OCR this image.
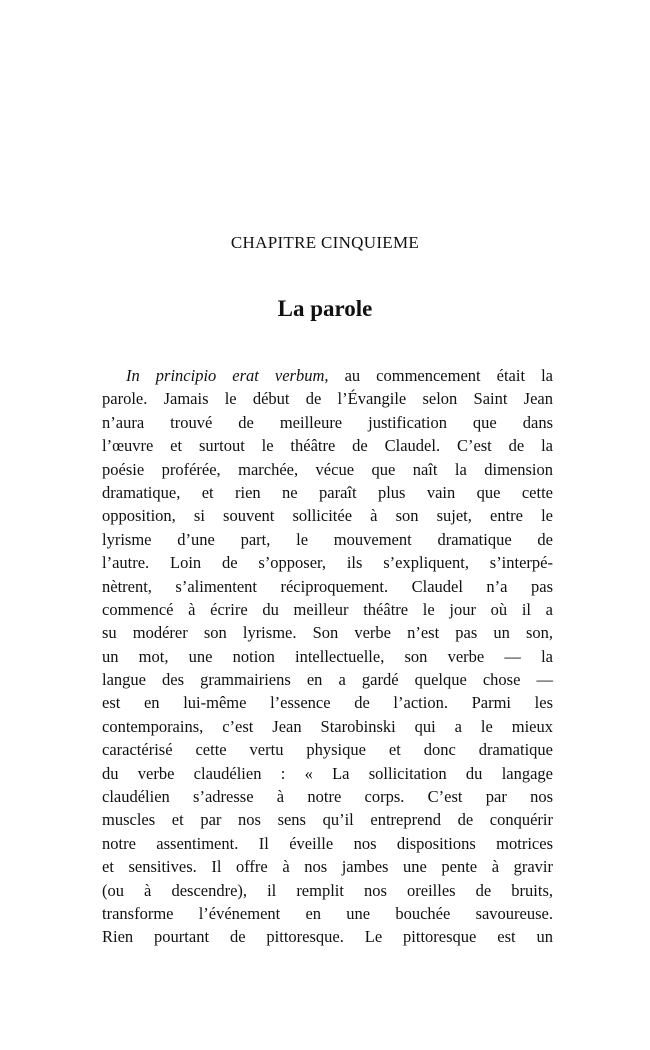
CHAPITRE CINQUIEME
La parole
In principio erat verbum, au commencement était la
parole. Jamais le début de l’Évangile selon Saint Jean
n’aura trouvé de meilleure justification que dans
l’œuvre et surtout le théâtre de Claudel. C’est de la
poésie proférée, marchée, vécue que naît la dimension
dramatique, et rien ne paraît plus vain que cette
opposition, si souvent sollicitée à son sujet, entre le
lyrisme d’une part, le mouvement dramatique de
l’autre. Loin de s’opposer, ils s’expliquent, s’interpé-
nètrent, s’alimentent réciproquement. Claudel n’a pas
commencé à écrire du meilleur théâtre le jour où il a
su modérer son lyrisme. Son verbe n’est pas un son,
un mot, une notion intellectuelle, son verbe — la
langue des grammairiens en a gardé quelque chose —
est en lui-même l’essence de l’action. Parmi les
contemporains, c’est Jean Starobinski qui a le mieux
caractérisé cette vertu physique et donc dramatique
du verbe claudélien : « La sollicitation du langage
claudélien s’adresse à notre corps. C’est par nos
muscles et par nos sens qu’il entreprend de conquérir
notre assentiment. Il éveille nos dispositions motrices
et sensitives. Il offre à nos jambes une pente à gravir
(ou à descendre), il remplit nos oreilles de bruits,
transforme l’événement en une bouchée savoureuse.
Rien pourtant de pittoresque. Le pittoresque est un
